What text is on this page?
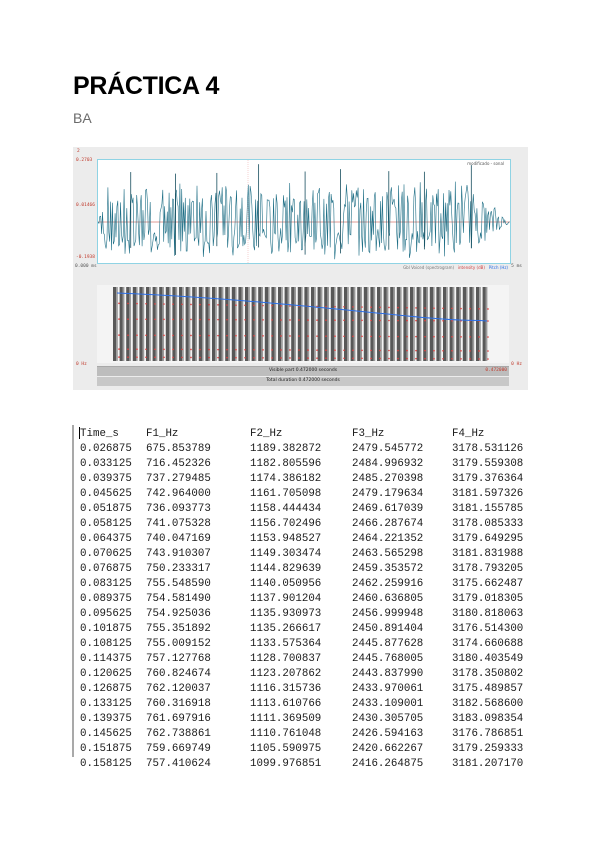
PRÁCTICA 4

BA

2
0.2703
0.01466
-0.1938
modificado - sonal
0.000 ms	Gbl Voiced (spectrogram) intensity (dB) Pitch (Hz) 5 ms
0 Hz	0 Hz
Visible part 0.472000 seconds	0.472000
Total duration 0.472000 seconds
Time_s	F1_Hz	F2_Hz	F3_Hz	F4_Hz
0.026875	675.853789	1189.382872	2479.545772	3178.531126
0.033125	716.452326	1182.805596	2484.996932	3179.559308
0.039375	737.279485	1174.386182	2485.270398	3179.376364
0.045625	742.964000	1161.705098	2479.179634	3181.597326
0.051875	736.093773	1158.444434	2469.617039	3181.155785
0.058125	741.075328	1156.702496	2466.287674	3178.085333
0.064375	740.047169	1153.948527	2464.221352	3179.649295
0.070625	743.910307	1149.303474	2463.565298	3181.831988
0.076875	750.233317	1144.829639	2459.353572	3178.793205
0.083125	755.548590	1140.050956	2462.259916	3175.662487
0.089375	754.581490	1137.901204	2460.636805	3179.018305
0.095625	754.925036	1135.930973	2456.999948	3180.818063
0.101875	755.351892	1135.266617	2450.891404	3176.514300
0.108125	755.009152	1133.575364	2445.877628	3174.660688
0.114375	757.127768	1128.700837	2445.768005	3180.403549
0.120625	760.824674	1123.207862	2443.837990	3178.350802
0.126875	762.120037	1116.315736	2433.970061	3175.489857
0.133125	760.316918	1113.610766	2433.109001	3182.568600
0.139375	761.697916	1111.369509	2430.305705	3183.098354
0.145625	762.738861	1110.761048	2426.594163	3176.786851
0.151875	759.669749	1105.590975	2420.662267	3179.259333
0.158125	757.410624	1099.976851	2416.264875	3181.207170
